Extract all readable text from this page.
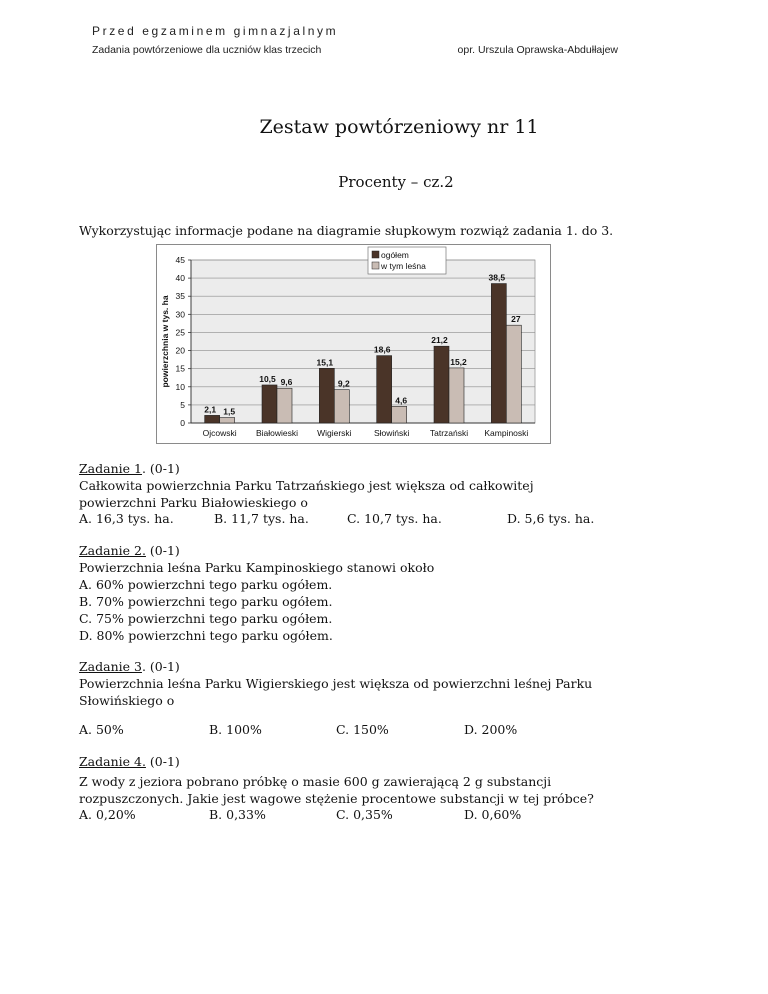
Przed egzaminem gimnazjalnym
Zadania powtórzeniowe dla uczniów klas trzecich	opr. Urszula Oprawska-Abdułłajew
Zestaw powtórzeniowy nr 11
Procenty – cz.2
Wykorzystując informacje podane na diagramie słupkowym rozwiąż zadania 1. do 3.
0
5
10
15
20
25
30
35
40
45
powierzchnia w tys. ha
2,1 1,5
Ojcowski
10,5 9,6
Białowieski
15,1
9,2
Wigierski
18,6
4,6
Słowiński
21,2
15,2
Tatrzański
38,5
27
Kampinoski
ogółem
w tym leśna
Zadanie 1. (0-1)
Całkowita powierzchnia Parku Tatrzańskiego jest większa od całkowitej
powierzchni Parku Białowieskiego o
A. 16,3 tys. ha.	B. 11,7 tys. ha.	C. 10,7 tys. ha.	D. 5,6 tys. ha.
Zadanie 2. (0-1)
Powierzchnia leśna Parku Kampinoskiego stanowi około
A. 60% powierzchni tego parku ogółem.
B. 70% powierzchni tego parku ogółem.
C. 75% powierzchni tego parku ogółem.
D. 80% powierzchni tego parku ogółem.
Zadanie 3. (0-1)
Powierzchnia leśna Parku Wigierskiego jest większa od powierzchni leśnej Parku
Słowińskiego o
A. 50%	B. 100%	C. 150%	D. 200%
Zadanie 4. (0-1)
Z wody z jeziora pobrano próbkę o masie 600 g zawierającą 2 g substancji
rozpuszczonych. Jakie jest wagowe stężenie procentowe substancji w tej próbce?
A. 0,20%	B. 0,33%	C. 0,35%	D. 0,60%
